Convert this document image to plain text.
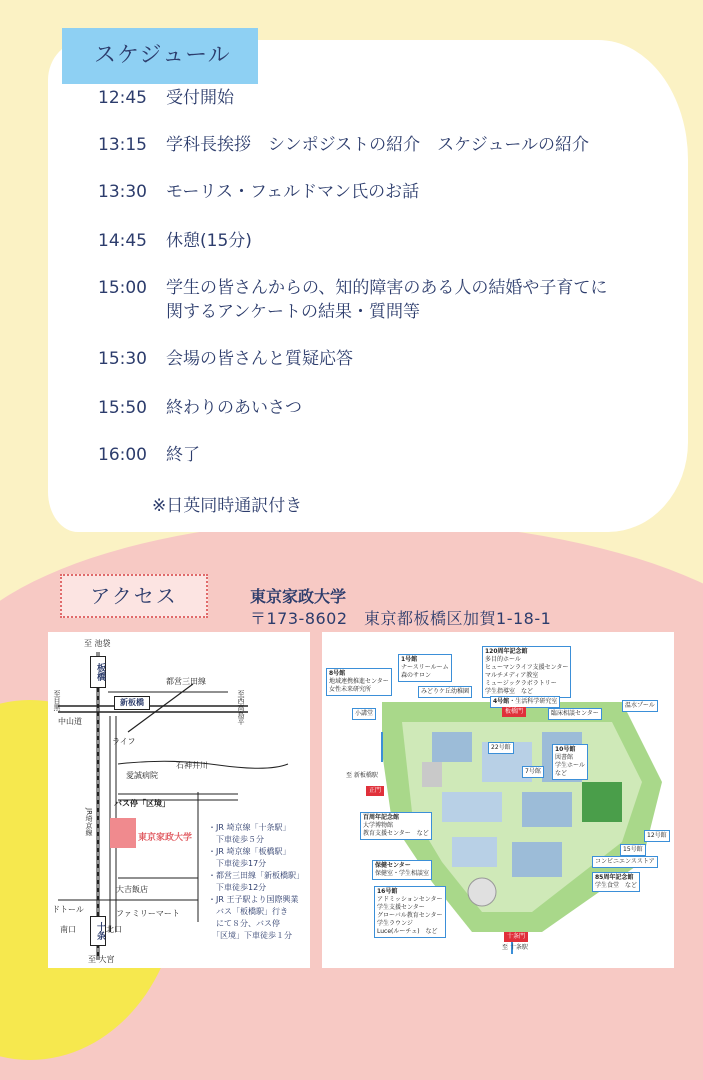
スケジュール
12:45 受付開始
13:15 学科長挨拶　シンポジストの紹介　スケジュールの紹介
13:30 モーリス・フェルドマン氏のお話
14:45 休憩(15分)
15:00 学生の皆さんからの、知的障害のある人の結婚や子育てに
関するアンケートの結果・質問等
15:30 会場の皆さんと質疑応答
15:50 終わりのあいさつ
16:00 終了
※日英同時通訳付き
アクセス	東京家政大学
〒173-8602　東京都板橋区加賀1-18-1
至 池袋
板橋
新板橋
都営三田線
至目黒	至西高島平
中山道
ライフ
石神井川
愛誠病院
JR埼京線
バス停「区境」
東京家政大学
大吉飯店
ドトール	ファミリーマート
南口	十条 北口
至 大宮
・JR 埼京線「十条駅」
　下車徒歩５分
・JR 埼京線「板橋駅」
　下車徒歩17分
・都営三田線「新板橋駅」
　下車徒歩12分
・JR 王子駅より国際興業
　バス「板橋駅」行き
　にて８分、バス停
　「区境」下車徒歩１分
8号館
地域連携推進センター
女性未来研究所
1号館
ナースリールーム
森のサロン
120周年記念館
多目的ホール
ヒューマンライフ支援センター
マルチメディア教室
ミュージックラボラトリー
学生指導室　など
みどりケ丘幼稚園
4号館・生活科学研究室
温水プール
小講堂	板橋門	臨床相談センター
22号館	10号館
図書館
学生ホール
など
至 新板橋駅
正門
7号館
百周年記念館
大学博物館
教育支援センター　など	12号館
15号館
コンビニエンスストア
保健センター
保健室・学生相談室
85周年記念館
学生食堂　など
16号館
アドミッションセンター
学生支援センター
グローバル教育センター
学生ラウンジ
Luce(ルーチェ)　など
十条門
至 十条駅
